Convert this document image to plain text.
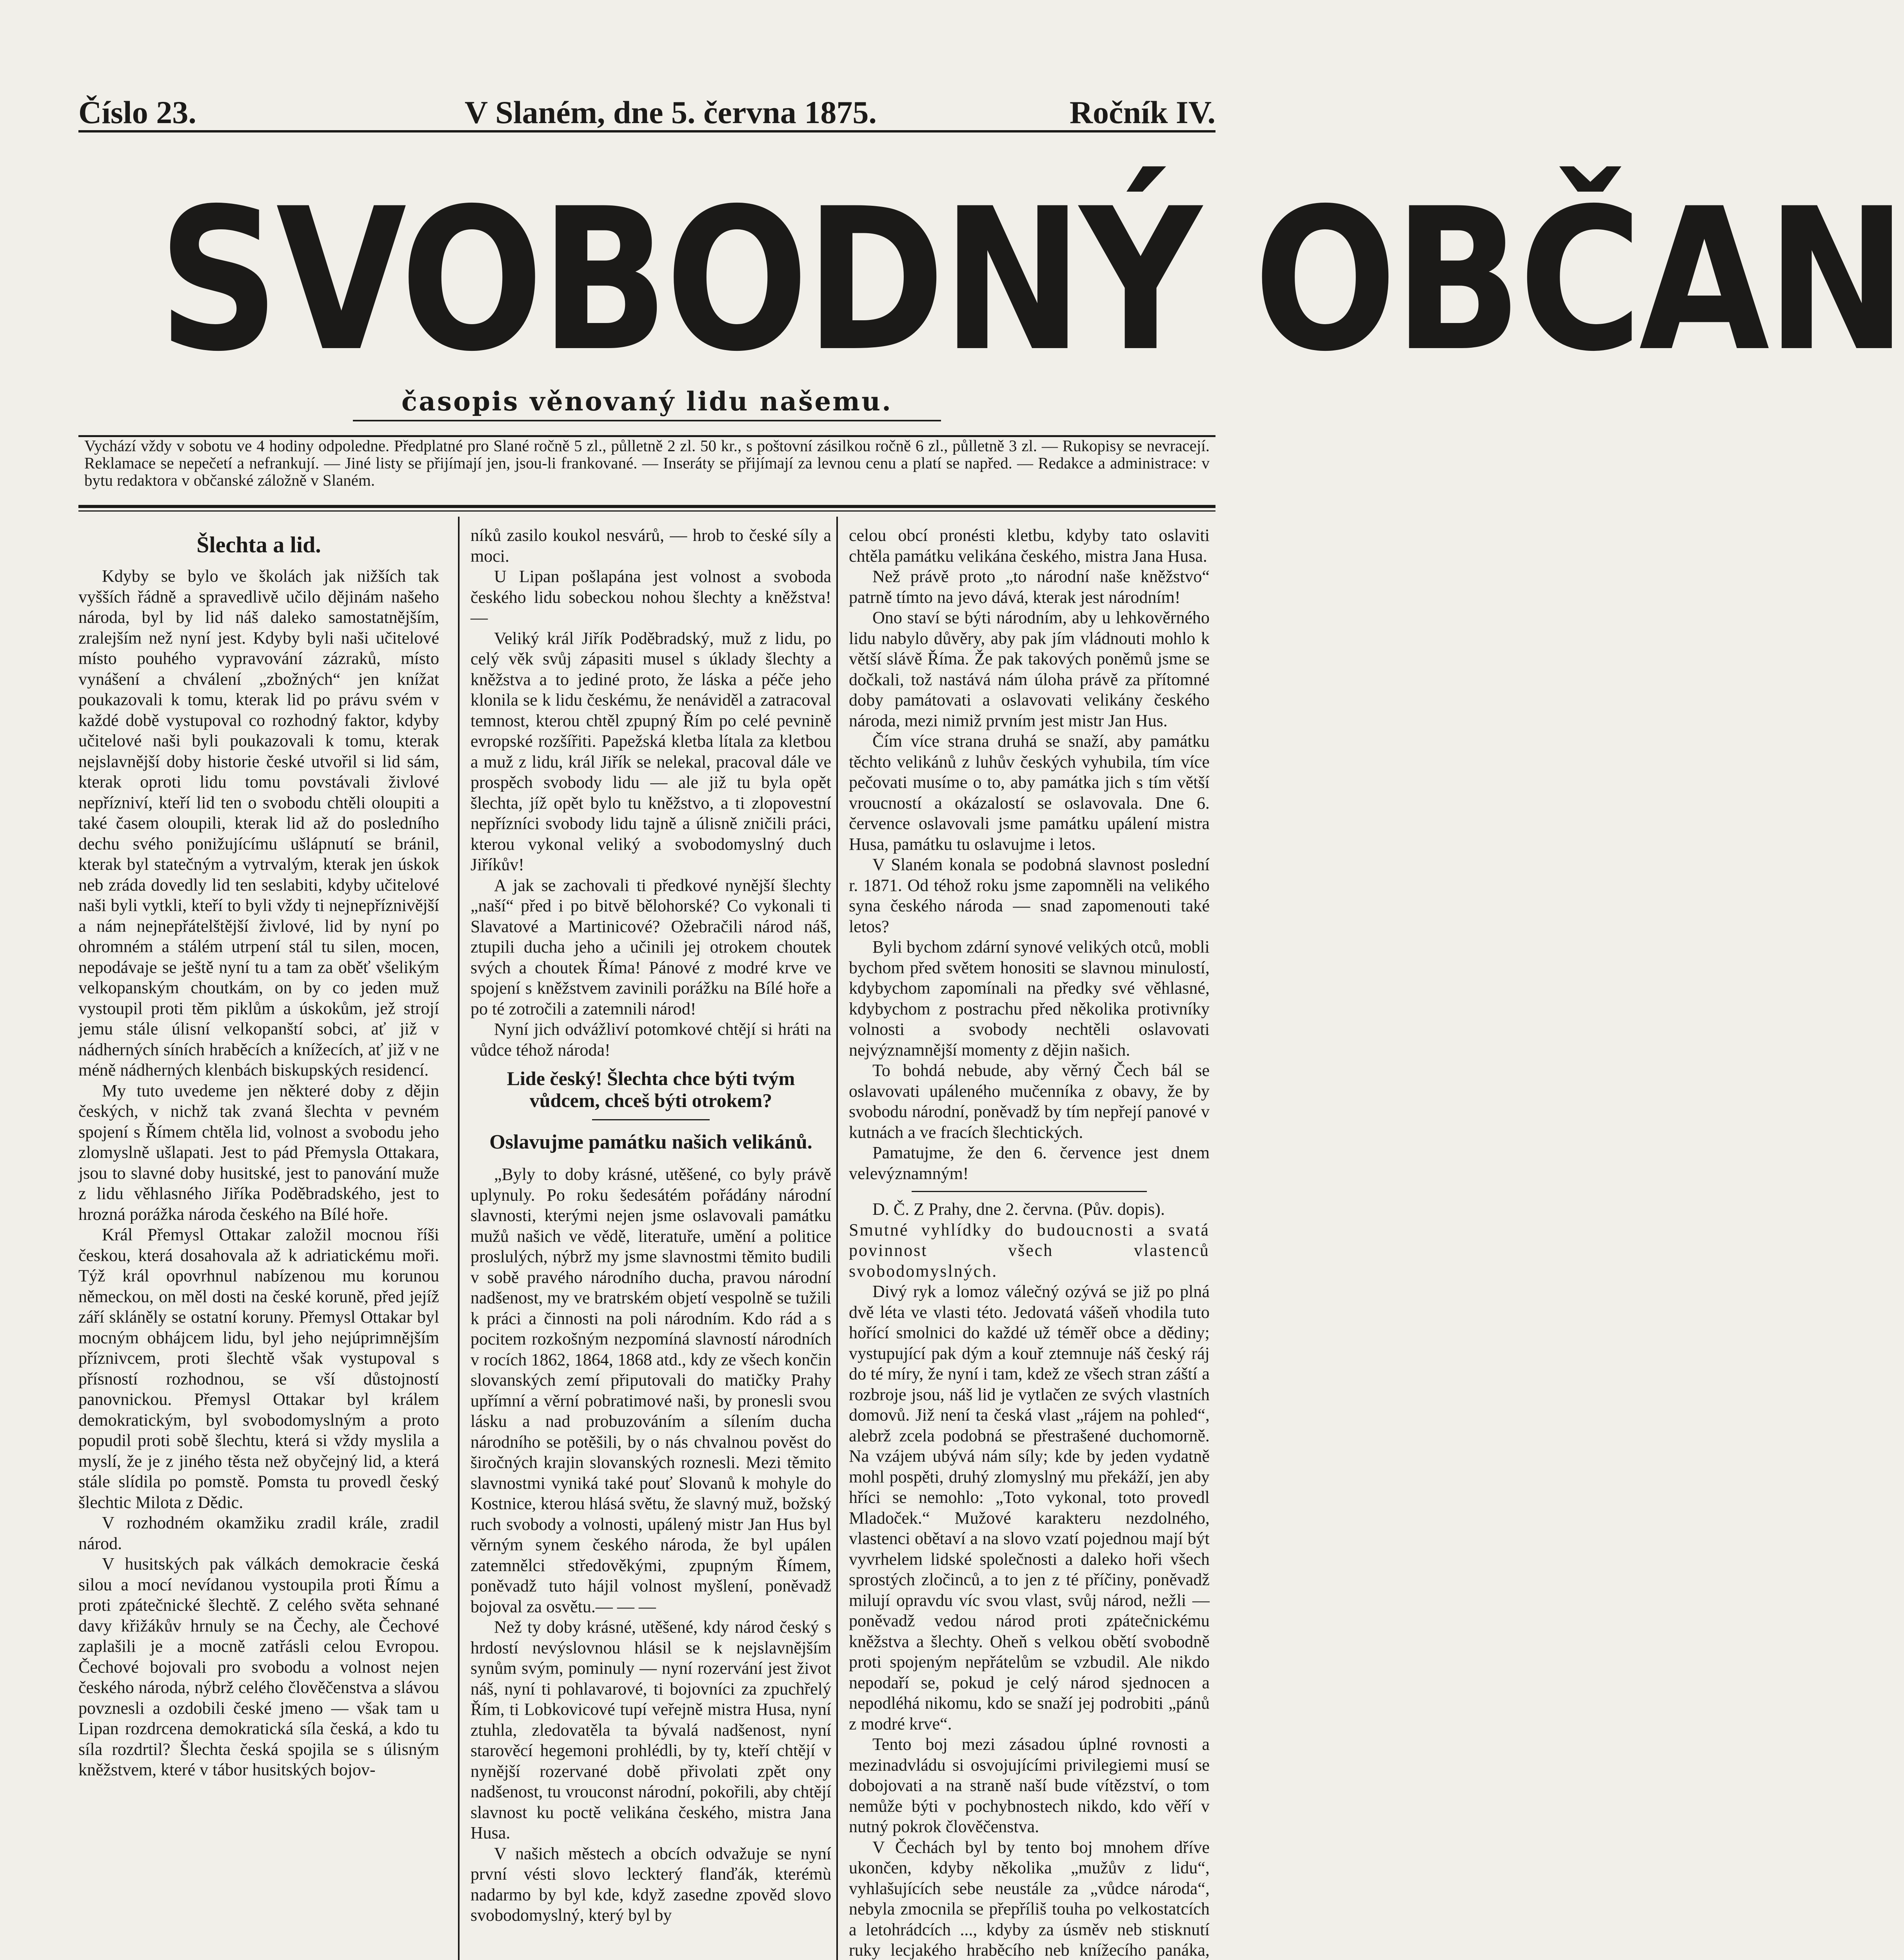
Číslo 23.	V Slaném, dne 5. června 1875.	Ročník IV.
SVOBODNÝ OBČAN
časopis věnovaný lidu našemu.
Vychází vždy v sobotu ve 4 hodiny odpoledne. Předplatné pro Slané ročně 5 zl., půlletně 2 zl. 50 kr., s poštovní zásilkou ročně 6 zl., půlletně 3 zl. — Rukopisy se nevracejí. Reklamace se nepečetí a nefrankují. — Jiné listy se přijímají jen, jsou-li frankované. — Inseráty se přijímají za levnou cenu a platí se napřed. — Redakce a administrace: v bytu redaktora v občanské záložně v Slaném.
Šlechta a lid.

Kdyby se bylo ve školách jak nižších tak vyšších řádně a spravedlivě učilo dějinám našeho národa, byl by lid náš daleko samostatnějším, zralejším než nyní jest. Kdyby byli naši učitelové místo pouhého vypravování zázraků, místo vynášení a chválení „zbožných“ jen knížat poukazovali k tomu, kterak lid po právu svém v každé době vystupoval co rozhodný faktor, kdyby učitelové naši byli poukazovali k tomu, kterak nejslavnější doby historie české utvořil si lid sám, kterak oproti lidu tomu povstávali živlové nepřízniví, kteří lid ten o svobodu chtěli oloupiti a také časem oloupili, kterak lid až do posledního dechu svého ponižujícímu ušlápnutí se bránil, kterak byl statečným a vytrvalým, kterak jen úskok neb zráda dovedly lid ten seslabiti, kdyby učitelové naši byli vytkli, kteří to byli vždy ti nejnepříznivější a nám nejnepřátelštější živlové, lid by nyní po ohromném a stálém utrpení stál tu silen, mocen, nepodávaje se ještě nyní tu a tam za oběť všelikým velkopanským choutkám, on by co jeden muž vystoupil proti těm piklům a úskokům, jež strojí jemu stále úlisní velkopanští sobci, ať již v nádherných síních hraběcích a knížecích, ať již v ne méně nádherných klenbách biskupských residencí.

My tuto uvedeme jen některé doby z dějin českých, v nichž tak zvaná šlechta v pevném spojení s Římem chtěla lid, volnost a svobodu jeho zlomyslně ušlapati. Jest to pád Přemysla Ottakara, jsou to slavné doby husitské, jest to panování muže z lidu věhlasného Jiříka Poděbradského, jest to hrozná porážka národa českého na Bílé hoře.

Král Přemysl Ottakar založil mocnou říši českou, která dosahovala až k adriatickému moři. Týž král opovrhnul nabízenou mu korunou německou, on měl dosti na české koruně, před jejíž září skláněly se ostatní koruny. Přemysl Ottakar byl mocným obhájcem lidu, byl jeho nejúprimnějším příznivcem, proti šlechtě však vystupoval s přísností rozhodnou, se vší důstojností panovnickou. Přemysl Ottakar byl králem demokratickým, byl svobodomyslným a proto popudil proti sobě šlechtu, která si vždy myslila a myslí, že je z jiného těsta než obyčejný lid, a která stále slídila po pomstě. Pomsta tu provedl český šlechtic Milota z Dědic.

V rozhodném okamžiku zradil krále, zradil národ.

V husitských pak válkách demokracie česká silou a mocí nevídanou vystoupila proti Římu a proti zpátečnické šlechtě. Z celého světa sehnané davy křižákův hrnuly se na Čechy, ale Čechové zaplašili je a mocně zatřásli celou Evropou. Čechové bojovali pro svobodu a volnost nejen českého národa, nýbrž celého člověčenstva a slávou povznesli a ozdobili české jmeno — však tam u Lipan rozdrcena demokratická síla česká, a kdo tu síla rozdrtil? Šlechta česká spojila se s úlisným kněžstvem, které v tábor husitských bojov-

níků zasilo koukol nesvárů, — hrob to české síly a moci.

U Lipan pošlapána jest volnost a svoboda českého lidu sobeckou nohou šlechty a kněžstva! —

Veliký král Jiřík Poděbradský, muž z lidu, po celý věk svůj zápasiti musel s úklady šlechty a kněžstva a to jediné proto, že láska a péče jeho klonila se k lidu českému, že nenáviděl a zatracoval temnost, kterou chtěl zpupný Řím po celé pevnině evropské rozšířiti. Papežská kletba lítala za kletbou a muž z lidu, král Jiřík se nelekal, pracoval dále ve prospěch svobody lidu — ale již tu byla opět šlechta, jíž opět bylo tu kněžstvo, a ti zlopovestní nepřízníci svobody lidu tajně a úlisně zničili práci, kterou vykonal veliký a svobodomyslný duch Jiříkův!

A jak se zachovali ti předkové nynější šlechty „naší“ před i po bitvě bělohorské? Co vykonali ti Slavatové a Martinicové? Ožebračili národ náš, ztupili ducha jeho a učinili jej otrokem choutek svých a choutek Říma! Pánové z modré krve ve spojení s kněžstvem zavinili porážku na Bílé hoře a po té zotročili a zatemnili národ!

Nyní jich odvážliví potomkové chtějí si hráti na vůdce téhož národa!

Lide český! Šlechta chce býti tvým vůdcem, chceš býti otrokem?
Oslavujme památku našich velikánů.

„Byly to doby krásné, utěšené, co byly právě uplynuly. Po roku šedesátém pořádány národní slavnosti, kterými nejen jsme oslavovali památku mužů našich ve vědě, literatuře, umění a politice proslulých, nýbrž my jsme slavnostmi těmito budili v sobě pravého národního ducha, pravou národní nadšenost, my ve bratrském objetí vespolně se tužili k práci a činnosti na poli národním. Kdo rád a s pocitem rozkošným nezpomíná slavností národních v rocích 1862, 1864, 1868 atd., kdy ze všech končin slovanských zemí připutovali do matičky Prahy upřímní a věrní pobratimové naši, by pronesli svou lásku a nad probuzováním a sílením ducha národního se potěšili, by o nás chvalnou pověst do širočných krajin slovanských roznesli. Mezi těmito slavnostmi vyniká také pouť Slovanů k mohyle do Kostnice, kterou hlásá světu, že slavný muž, božský ruch svobody a volnosti, upálený mistr Jan Hus byl věrným synem českého národa, že byl upálen zatemnělci středověkými, zpupným Římem, poněvadž tuto hájil volnost myšlení, poněvadž bojoval za osvětu.— — —

Než ty doby krásné, utěšené, kdy národ český s hrdostí nevýslovnou hlásil se k nejslavnějším synům svým, pominuly — nyní rozervání jest život náš, nyní ti pohlavarové, ti bojovníci za zpuchřelý Řím, ti Lobkovicové tupí veřejně mistra Husa, nyní ztuhla, zledovatěla ta bývalá nadšenost, nyní starověcí hegemoni prohlédli, by ty, kteří chtějí v nynější rozervané době přivolati zpět ony nadšenost, tu vrouconst národní, pokořili, aby chtějí slavnost ku poctě velikána českého, mistra Jana Husa.

V našich městech a obcích odvažuje se nyní první vésti slovo leckterý flanďák, kterémù nadarmo by byl kde, když zasedne zpověd slovo svobodomyslný, který byl by

celou obcí pronésti kletbu, kdyby tato oslaviti chtěla památku velikána českého, mistra Jana Husa.

Než právě proto „to národní naše kněžstvo“ patrně tímto na jevo dává, kterak jest národním!

Ono staví se býti národním, aby u lehkověrného lidu nabylo důvěry, aby pak jím vládnouti mohlo k větší slávě Říma. Že pak takových poněmů jsme se dočkali, tož nastává nám úloha právě za přítomné doby památovati a oslavovati velikány českého národa, mezi nimiž prvním jest mistr Jan Hus.

Čím více strana druhá se snaží, aby památku těchto velikánů z luhův českých vyhubila, tím více pečovati musíme o to, aby památka jich s tím větší vroucností a okázalostí se oslavovala. Dne 6. července oslavovali jsme památku upálení mistra Husa, památku tu oslavujme i letos.

V Slaném konala se podobná slavnost poslední r. 1871. Od téhož roku jsme zapomněli na velikého syna českého národa — snad zapomenouti také letos?

Byli bychom zdární synové velikých otců, mobli bychom před světem honositi se slavnou minulostí, kdybychom zapomínali na předky své věhlasné, kdybychom z postrachu před několika protivníky volnosti a svobody nechtěli oslavovati nejvýznamnější momenty z dějin našich.

To bohdá nebude, aby věrný Čech bál se oslavovati upáleného mučenníka z obavy, že by svobodu národní, poněvadž by tím nepřejí panové v kutnách a ve fracích šlechtických.

Pamatujme, že den 6. července jest dnem velevýznamným!

D. Č. Z Prahy, dne 2. června. (Pův. dopis).

Smutné vyhlídky do budoucnosti a svatá povinnost všech vlastenců svobodomyslných.

Divý ryk a lomoz válečný ozývá se již po plná dvě léta ve vlasti této. Jedovatá vášeň vhodila tuto hořící smolnici do každé už téměř obce a dědiny; vystupující pak dým a kouř ztemnuje náš český ráj do té míry, že nyní i tam, kdež ze všech stran záští a rozbroje jsou, náš lid je vytlačen ze svých vlastních domovů. Již není ta česká vlast „rájem na pohled“, alebrž zcela podobná se přestrašené duchomorně. Na vzájem ubývá nám síly; kde by jeden vydatně mohl pospěti, druhý zlomyslný mu překáží, jen aby hříci se nemohlo: „Toto vykonal, toto provedl Mladoček.“ Mužové karakteru nezdolného, vlastenci obětaví a na slovo vzatí pojednou mají být vyvrhelem lidské společnosti a daleko hoři všech sprostých zločinců, a to jen z té příčiny, poněvadž milují opravdu víc svou vlast, svůj národ, nežli — poněvadž vedou národ proti zpátečnickému kněžstva a šlechty. Oheň s velkou obětí svobodně proti spojeným nepřátelům se vzbudil. Ale nikdo nepodaří se, pokud je celý národ sjednocen a nepodléhá nikomu, kdo se snaží jej podrobiti „pánů z modré krve“.

Tento boj mezi zásadou úplné rovnosti a mezinadvládu si osvojujícími privilegiemi musí se dobojovati a na straně naší bude vítězství, o tom nemůže býti v pochybnostech nikdo, kdo věří v nutný pokrok člověčenstva.

V Čechách byl by tento boj mnohem dříve ukončen, kdyby několika „mužův z lidu“, vyhlašujících sebe neustále za „vůdce národa“, nebyla zmocnila se přepříliš touha po velkostatcích a letohrádcích ..., kdyby za úsměv neb stisknutí ruky lecjakého hraběcího neb knížecího panáka,
